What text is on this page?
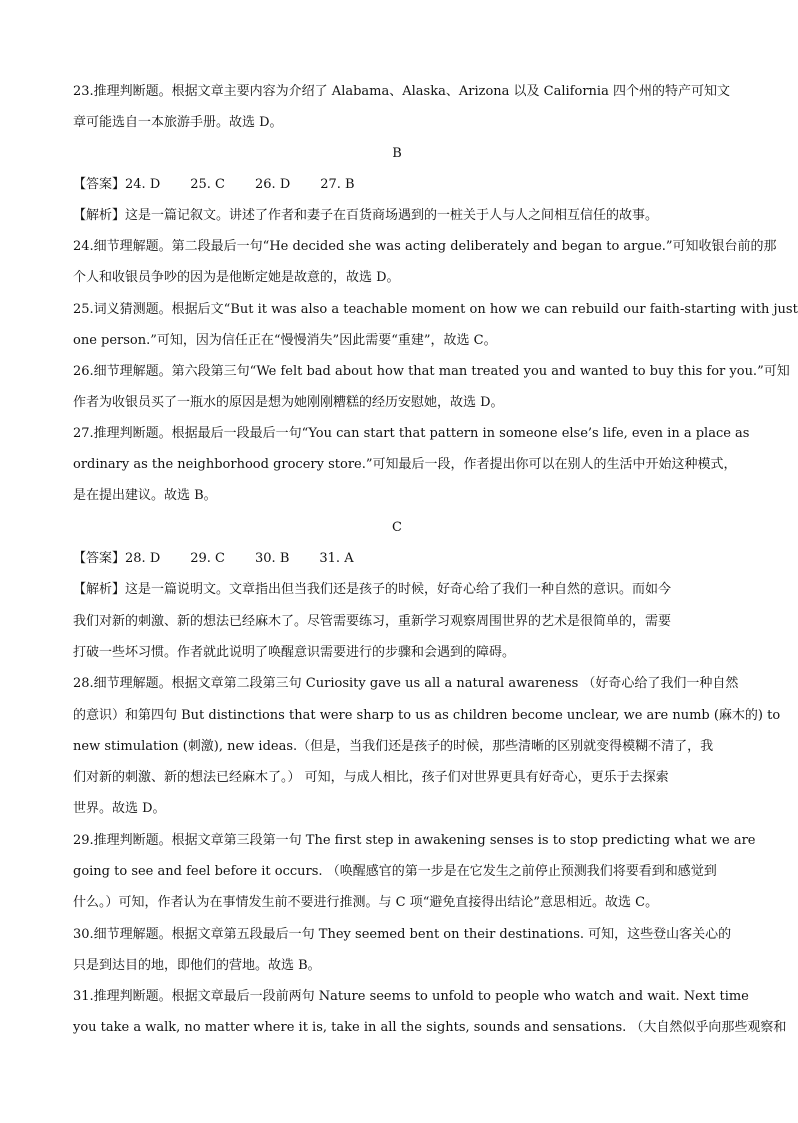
23.推理判断题。根据文章主要内容为介绍了 Alabama、Alaska、Arizona 以及 California 四个州的特产可知文
章可能选自一本旅游手册。故选 D。
B
【答案】24. D 25. C 26. D 27. B
【解析】这是一篇记叙文。讲述了作者和妻子在百货商场遇到的一桩关于人与人之间相互信任的故事。
24.细节理解题。第二段最后一句“He decided she was acting deliberately and began to argue.”可知收银台前的那
个人和收银员争吵的因为是他断定她是故意的，故选 D。
25.词义猜测题。根据后文“But it was also a teachable moment on how we can rebuild our faith-starting with just
one person.”可知，因为信任正在“慢慢消失”因此需要“重建”，故选 C。
26.细节理解题。第六段第三句“We felt bad about how that man treated you and wanted to buy this for you.”可知
作者为收银员买了一瓶水的原因是想为她刚刚糟糕的经历安慰她，故选 D。
27.推理判断题。根据最后一段最后一句“You can start that pattern in someone else’s life, even in a place as
ordinary as the neighborhood grocery store.”可知最后一段，作者提出你可以在别人的生活中开始这种模式，
是在提出建议。故选 B。
C
【答案】28. D 29. C 30. B 31. A
【解析】这是一篇说明文。文章指出但当我们还是孩子的时候，好奇心给了我们一种自然的意识。而如今
我们对新的刺激、新的想法已经麻木了。尽管需要练习，重新学习观察周围世界的艺术是很简单的，需要
打破一些坏习惯。作者就此说明了唤醒意识需要进行的步骤和会遇到的障碍。
28.细节理解题。根据文章第二段第三句 Curiosity gave us all a natural awareness （好奇心给了我们一种自然
的意识）和第四句 But distinctions that were sharp to us as children become unclear, we are numb (麻木的) to
new stimulation (刺激), new ideas.（但是，当我们还是孩子的时候，那些清晰的区别就变得模糊不清了，我
们对新的刺激、新的想法已经麻木了。） 可知，与成人相比，孩子们对世界更具有好奇心，更乐于去探索
世界。故选 D。
29.推理判断题。根据文章第三段第一句 The first step in awakening senses is to stop predicting what we are
going to see and feel before it occurs. （唤醒感官的第一步是在它发生之前停止预测我们将要看到和感觉到
什么。）可知，作者认为在事情发生前不要进行推测。与 C 项“避免直接得出结论”意思相近。故选 C。
30.细节理解题。根据文章第五段最后一句 They seemed bent on their destinations. 可知，这些登山客关心的
只是到达目的地，即他们的营地。故选 B。
31.推理判断题。根据文章最后一段前两句 Nature seems to unfold to people who watch and wait. Next time
you take a walk, no matter where it is, take in all the sights, sounds and sensations. （大自然似乎向那些观察和
